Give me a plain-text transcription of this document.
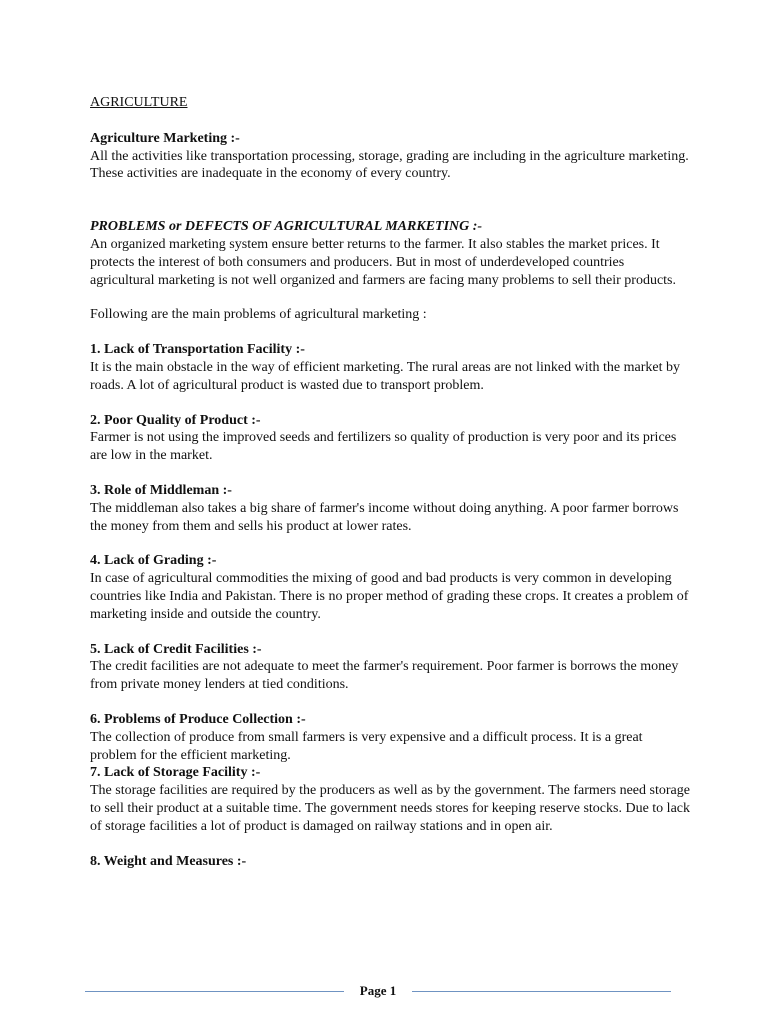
AGRICULTURE

Agriculture Marketing :-

All the activities like transportation processing, storage, grading are including in the agriculture marketing. These activities are inadequate in the economy of every country.

PROBLEMS or DEFECTS OF AGRICULTURAL MARKETING :-

An organized marketing system ensure better returns to the farmer. It also stables the market prices. It protects the interest of both consumers and producers. But in most of underdeveloped countries agricultural marketing is not well organized and farmers are facing many problems to sell their products.

Following are the main problems of agricultural marketing :

1. Lack of Transportation Facility :-

It is the main obstacle in the way of efficient marketing. The rural areas are not linked with the market by roads. A lot of agricultural product is wasted due to transport problem.

2. Poor Quality of Product :-

Farmer is not using the improved seeds and fertilizers so quality of production is very poor and its prices are low in the market.

3. Role of Middleman :-

The middleman also takes a big share of farmer's income without doing anything. A poor farmer borrows the money from them and sells his product at lower rates.

4. Lack of Grading :-

In case of agricultural commodities the mixing of good and bad products is very common in developing countries like India and Pakistan. There is no proper method of grading these crops. It creates a problem of marketing inside and outside the country.

5. Lack of Credit Facilities :-

The credit facilities are not adequate to meet the farmer's requirement. Poor farmer is borrows the money from private money lenders at tied conditions.

6. Problems of Produce Collection :-

The collection of produce from small farmers is very expensive and a difficult process. It is a great problem for the efficient marketing.

7. Lack of Storage Facility :-

The storage facilities are required by the producers as well as by the government. The farmers need storage to sell their product at a suitable time. The government needs stores for keeping reserve stocks. Due to lack of storage facilities a lot of product is damaged on railway stations and in open air.

8. Weight and Measures :-

Page 1
